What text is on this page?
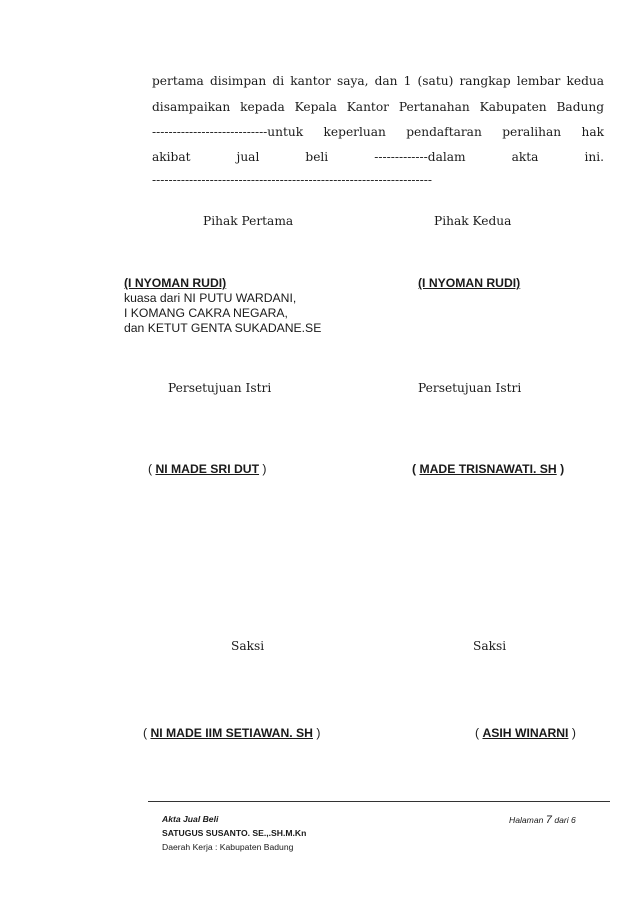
pertama disimpan di kantor saya, dan 1 (satu) rangkap lembar kedua
disampaikan kepada Kepala Kantor Pertanahan Kabupaten Badung
----------------------------untuk keperluan pendaftaran peralihan hak
akibat jual beli -------------dalam akta ini.
--------------------------------------------------------------------
Pihak Pertama	Pihak Kedua
(I NYOMAN RUDI)
kuasa dari NI PUTU WARDANI,
I KOMANG CAKRA NEGARA,
dan KETUT GENTA SUKADANE.SE
(I NYOMAN RUDI)
Persetujuan Istri	Persetujuan Istri
( NI MADE SRI DUT )	( MADE TRISNAWATI. SH )
Saksi	Saksi
( NI MADE IIM SETIAWAN. SH )	( ASIH WINARNI )
Akta Jual Beli
SATUGUS SUSANTO. SE.,.SH.M.Kn
Daerah Kerja : Kabupaten Badung
Halaman 7 dari 6
